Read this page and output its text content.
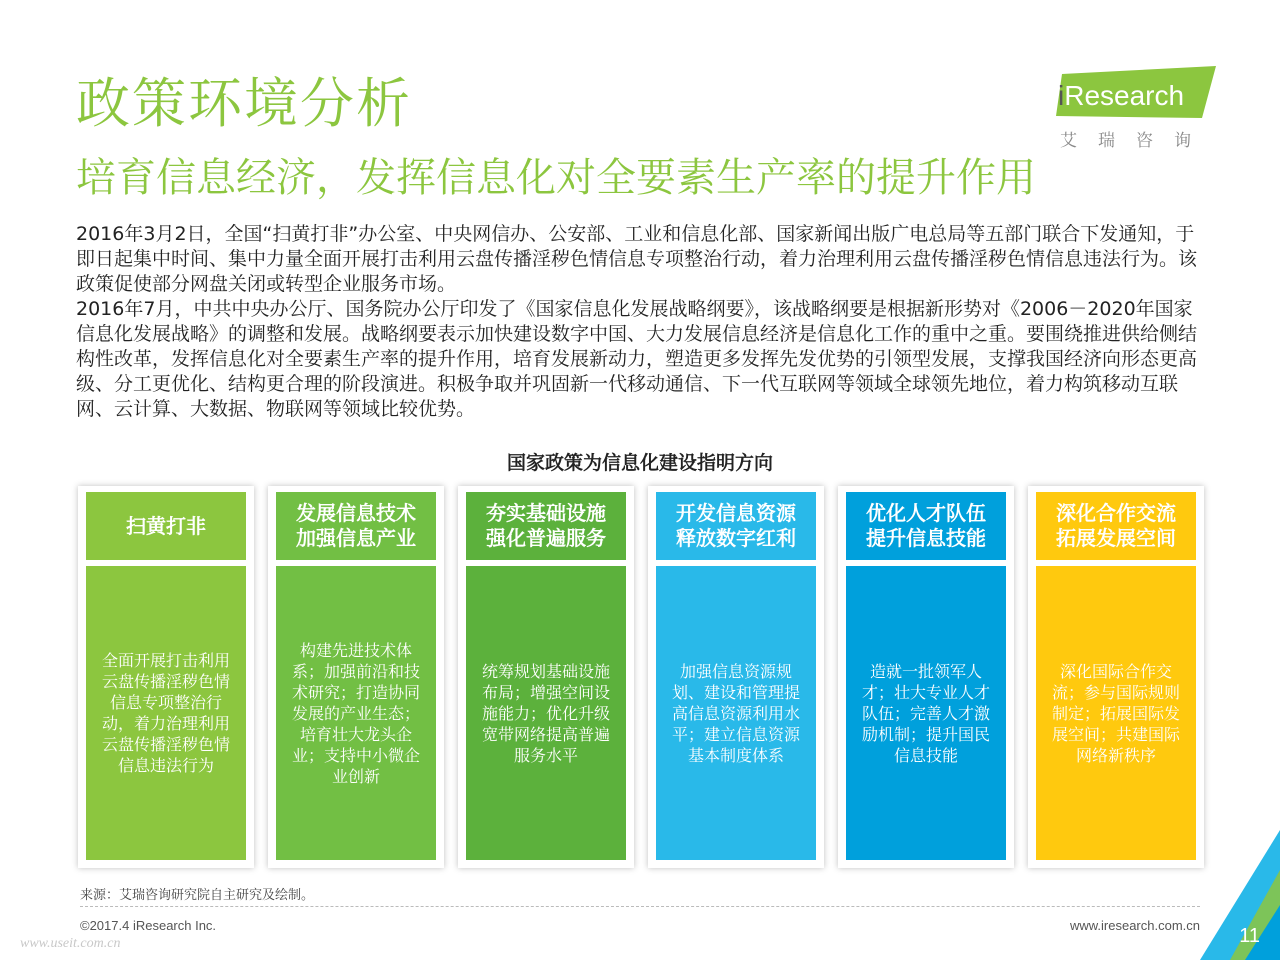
政策环境分析
培育信息经济，发挥信息化对全要素生产率的提升作用
iResearch
艾瑞咨询

2016年3月2日，全国“扫黄打非”办公室、中央网信办、公安部、工业和信息化部、国家新闻出版广电总局等五部门联合下发通知，于即日起集中时间、集中力量全面开展打击利用云盘传播淫秽色情信息专项整治行动，着力治理利用云盘传播淫秽色情信息违法行为。该政策促使部分网盘关闭或转型企业服务市场。

2016年7月，中共中央办公厅、国务院办公厅印发了《国家信息化发展战略纲要》，该战略纲要是根据新形势对《2006－2020年国家信息化发展战略》的调整和发展。战略纲要表示加快建设数字中国、大力发展信息经济是信息化工作的重中之重。要围绕推进供给侧结构性改革，发挥信息化对全要素生产率的提升作用，培育发展新动力，塑造更多发挥先发优势的引领型发展，支撑我国经济向形态更高级、分工更优化、结构更合理的阶段演进。积极争取并巩固新一代移动通信、下一代互联网等领域全球领先地位，着力构筑移动互联网、云计算、大数据、物联网等领域比较优势。

国家政策为信息化建设指明方向
扫黄打非
全面开展打击利用云盘传播淫秽色情信息专项整治行动，着力治理利用云盘传播淫秽色情信息违法行为
发展信息技术
加强信息产业
构建先进技术体系；加强前沿和技术研究；打造协同发展的产业生态；培育壮大龙头企业；支持中小微企业创新
夯实基础设施
强化普遍服务
统筹规划基础设施布局；增强空间设施能力；优化升级宽带网络提高普遍服务水平
开发信息资源
释放数字红利
加强信息资源规划、建设和管理提高信息资源利用水平；建立信息资源基本制度体系
优化人才队伍
提升信息技能
造就一批领军人才；壮大专业人才队伍；完善人才激励机制；提升国民信息技能
深化合作交流
拓展发展空间
深化国际合作交流；参与国际规则制定；拓展国际发展空间；共建国际网络新秩序
来源：艾瑞咨询研究院自主研究及绘制。
©2017.4 iResearch Inc.	www.iresearch.com.cn
www.useit.com.cn	11
